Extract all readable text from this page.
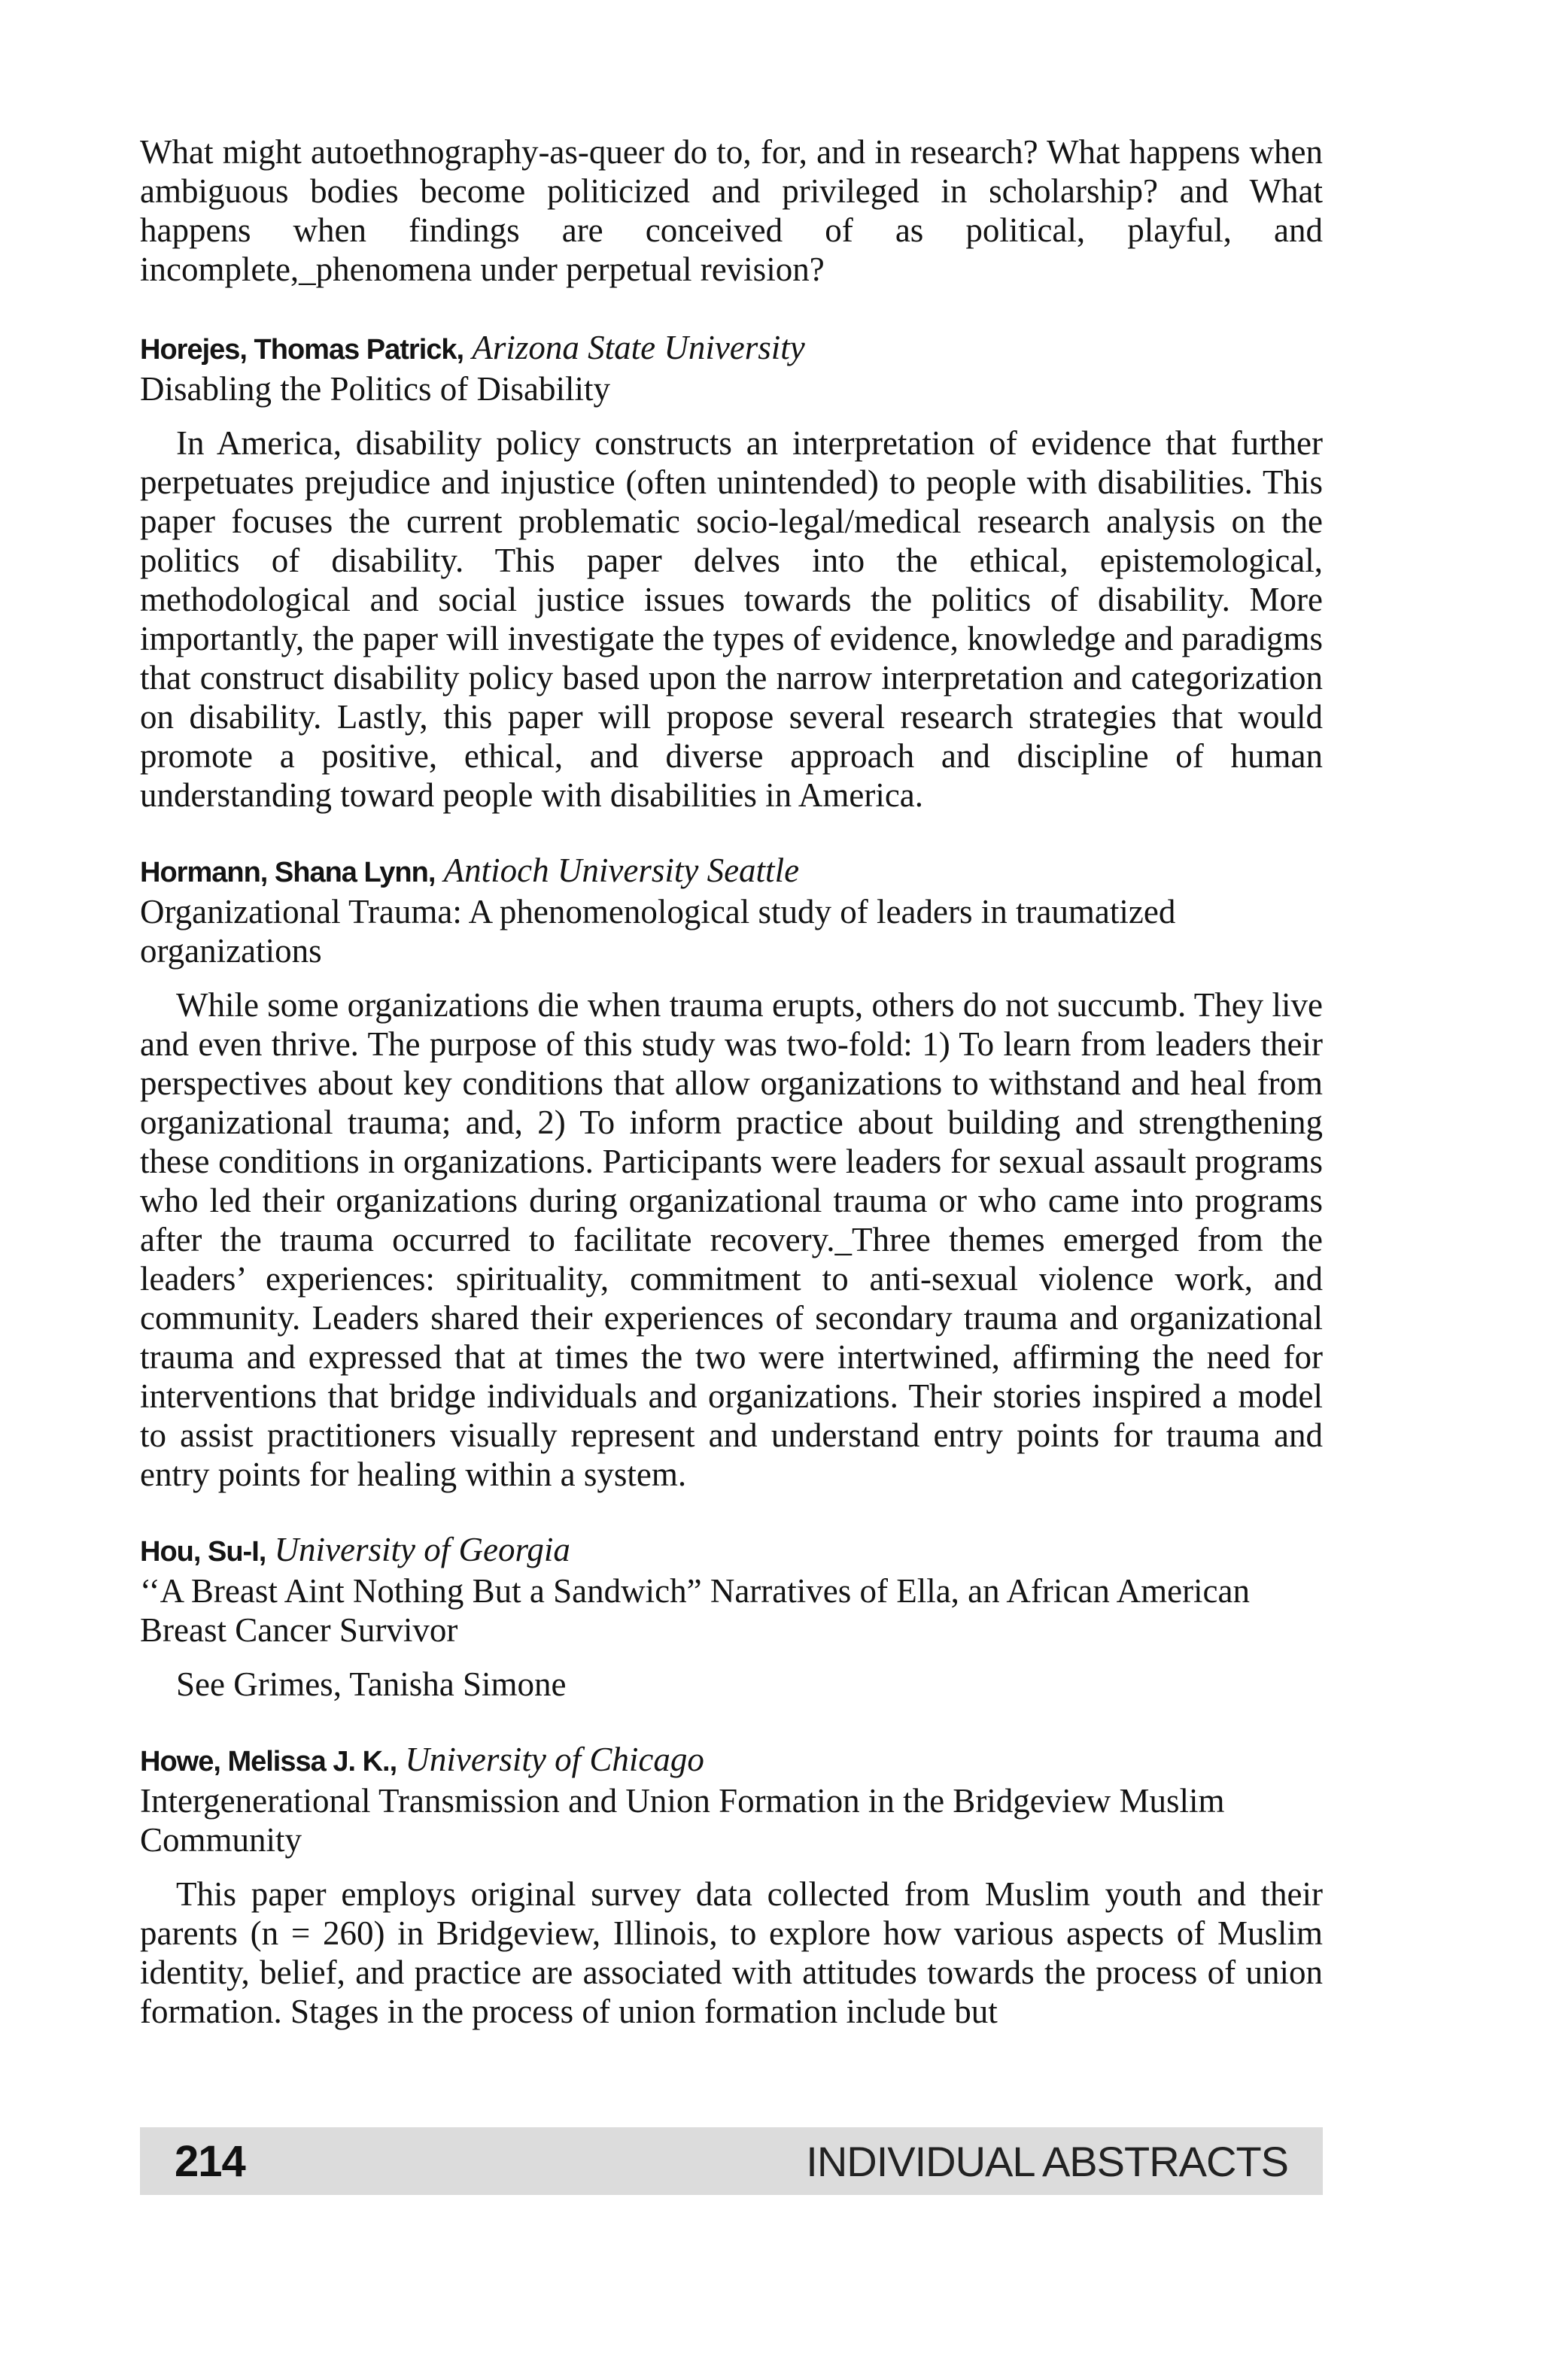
What might autoethnography-as-queer do to, for, and in research? What happens when ambiguous bodies become politicized and privileged in scholarship? and What happens when findings are conceived of as political, playful, and incomplete,_phenomena under perpetual revision?

Horejes, Thomas Patrick, Arizona State University

Disabling the Politics of Disability

In America, disability policy constructs an interpretation of evidence that further perpetuates prejudice and injustice (often unintended) to people with disabilities. This paper focuses the current problematic socio-legal/medical research analysis on the politics of disability. This paper delves into the ethical, epistemological, methodological and social justice issues towards the politics of disability. More importantly, the paper will investigate the types of evidence, knowledge and paradigms that construct disability policy based upon the narrow interpretation and categorization on disability. Lastly, this paper will propose several research strategies that would promote a positive, ethical, and diverse approach and discipline of human understanding toward people with disabilities in America.

Hormann, Shana Lynn, Antioch University Seattle

Organizational Trauma: A phenomenological study of leaders in traumatized organizations

While some organizations die when trauma erupts, others do not succumb. They live and even thrive. The purpose of this study was two-fold: 1) To learn from leaders their perspectives about key conditions that allow organizations to withstand and heal from organizational trauma; and, 2) To inform practice about building and strengthening these conditions in organizations. Participants were leaders for sexual assault programs who led their organizations during organizational trauma or who came into programs after the trauma occurred to facilitate recovery._Three themes emerged from the leaders’ experiences: spirituality, commitment to anti-sexual violence work, and community. Leaders shared their experiences of secondary trauma and organizational trauma and expressed that at times the two were intertwined, affirming the need for interventions that bridge individuals and organizations. Their stories inspired a model to assist practitioners visually represent and understand entry points for trauma and entry points for healing within a system.

Hou, Su-I, University of Georgia

‘‘A Breast Aint Nothing But a Sandwich” Narratives of Ella, an African American Breast Cancer Survivor

See Grimes, Tanisha Simone

Howe, Melissa J. K., University of Chicago

Intergenerational Transmission and Union Formation in the Bridgeview Muslim Community

This paper employs original survey data collected from Muslim youth and their parents (n = 260) in Bridgeview, Illinois, to explore how various aspects of Muslim identity, belief, and practice are associated with attitudes towards the process of union formation. Stages in the process of union formation include but

214	INDIVIDUAL ABSTRACTS
